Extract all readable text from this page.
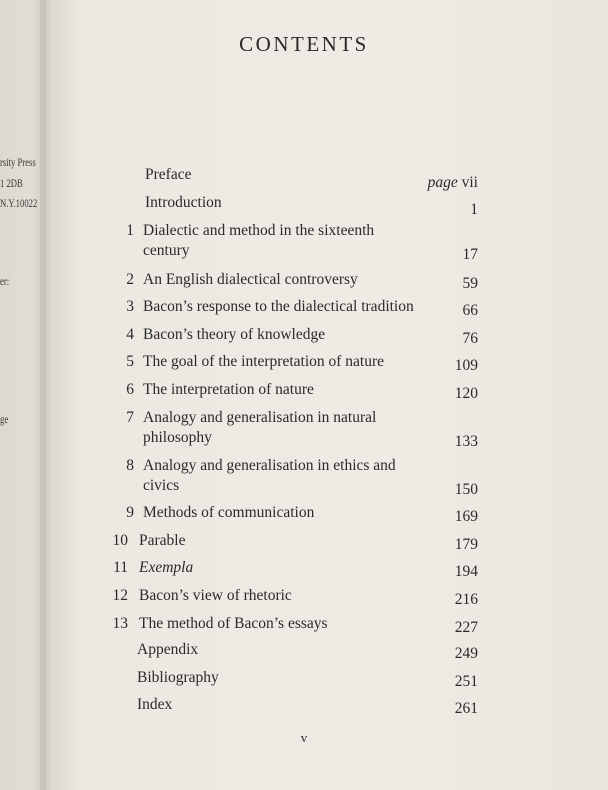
rsity Press
1 2DB
N.Y.10022
er:
ge
CONTENTS
Preface	page vii
Introduction	1
1 Dialectic and method in the sixteenth
century	17
2 An English dialectical controversy	59
3 Bacon’s response to the dialectical tradition	66
4 Bacon’s theory of knowledge	76
5 The goal of the interpretation of nature	109
6 The interpretation of nature	120
7 Analogy and generalisation in natural
philosophy	133
8 Analogy and generalisation in ethics and
civics	150
9 Methods of communication	169
10 Parable	179
11 Exempla	194
12 Bacon’s view of rhetoric	216
13 The method of Bacon’s essays	227
Appendix	249
Bibliography	251
Index	261
v
